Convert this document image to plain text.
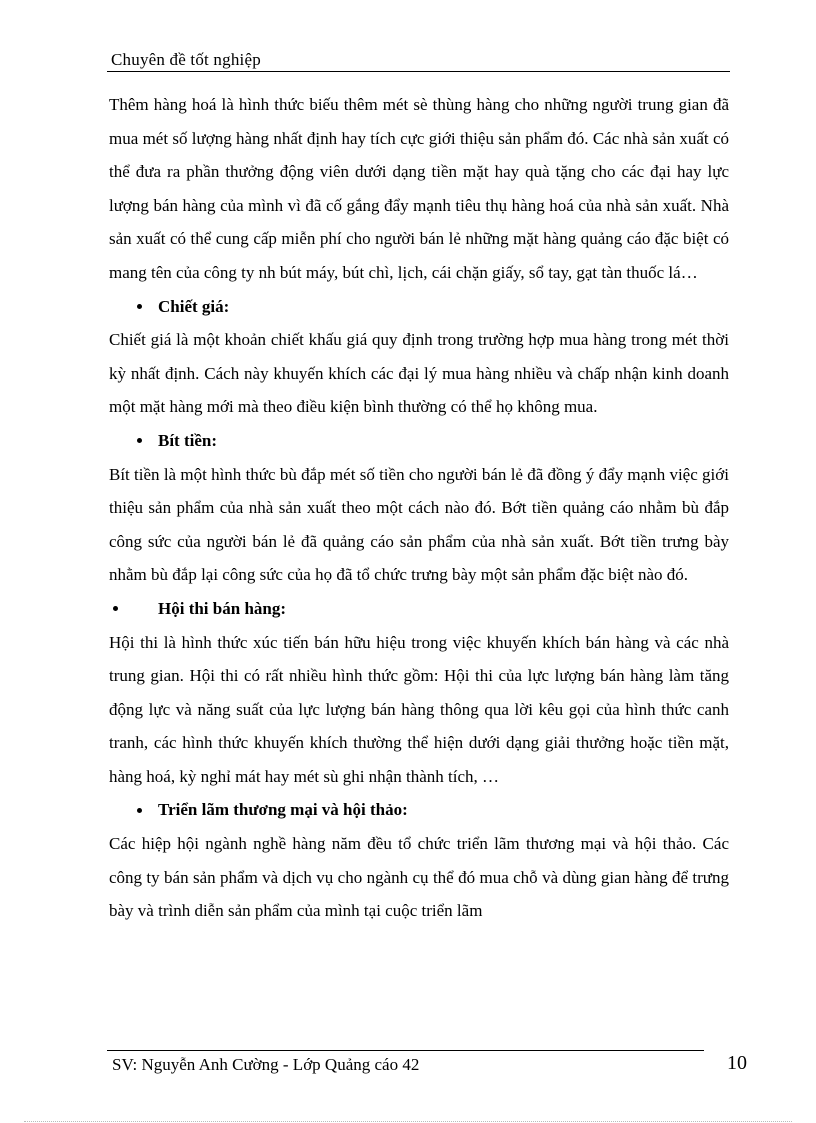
Chuyên đề tốt nghiệp

Thêm hàng hoá là hình thức biếu thêm mét sè thùng hàng cho những người trung gian đã mua mét số lượng hàng nhất định hay tích cực giới thiệu sản phẩm đó. Các nhà sản xuất có thể đưa ra phần thưởng động viên dưới dạng tiền mặt hay quà tặng cho các đại hay lực lượng bán hàng của mình vì đã cố gắng đẩy mạnh tiêu thụ hàng hoá của nhà sản xuất. Nhà sản xuất có thể cung cấp miễn phí cho người bán lẻ những mặt hàng quảng cáo đặc biệt có mang tên của công ty nh bút máy, bút chì, lịch, cái chặn giấy, sổ tay, gạt tàn thuốc lá…

Chiết giá:

Chiết giá là một khoản chiết khấu giá quy định trong trường hợp mua hàng trong mét thời kỳ nhất định. Cách này khuyến khích các đại lý mua hàng nhiều và chấp nhận kinh doanh một mặt hàng mới mà theo điều kiện bình thường có thể họ không mua.

Bít tiền:

Bít tiền là một hình thức bù đắp mét số tiền cho người bán lẻ đã đồng ý đẩy mạnh việc giới thiệu sản phẩm của nhà sản xuất theo một cách nào đó. Bớt tiền quảng cáo nhằm bù đắp công sức của người bán lẻ đã quảng cáo sản phẩm của nhà sản xuất. Bớt tiền trưng bày nhằm bù đắp lại công sức của họ đã tổ chức trưng bày một sản phẩm đặc biệt nào đó.

Hội thi bán hàng:

Hội thi là hình thức xúc tiến bán hữu hiệu trong việc khuyến khích bán hàng và các nhà trung gian. Hội thi có rất nhiều hình thức gồm: Hội thi của lực lượng bán hàng làm tăng động lực và năng suất của lực lượng bán hàng thông qua lời kêu gọi của hình thức canh tranh, các hình thức khuyến khích thường thể hiện dưới dạng giải thưởng hoặc tiền mặt, hàng hoá, kỳ nghỉ mát hay mét sù ghi nhận thành tích, …

Triển lãm thương mại và hội thảo:

Các hiệp hội ngành nghề hàng năm đều tổ chức triển lãm thương mại và hội thảo. Các công ty bán sản phẩm và dịch vụ cho ngành cụ thể đó mua chỗ và dùng gian hàng để trưng bày và trình diễn sản phẩm của mình tại cuộc triển lãm

SV: Nguyễn Anh Cường - Lớp Quảng cáo 42	10
